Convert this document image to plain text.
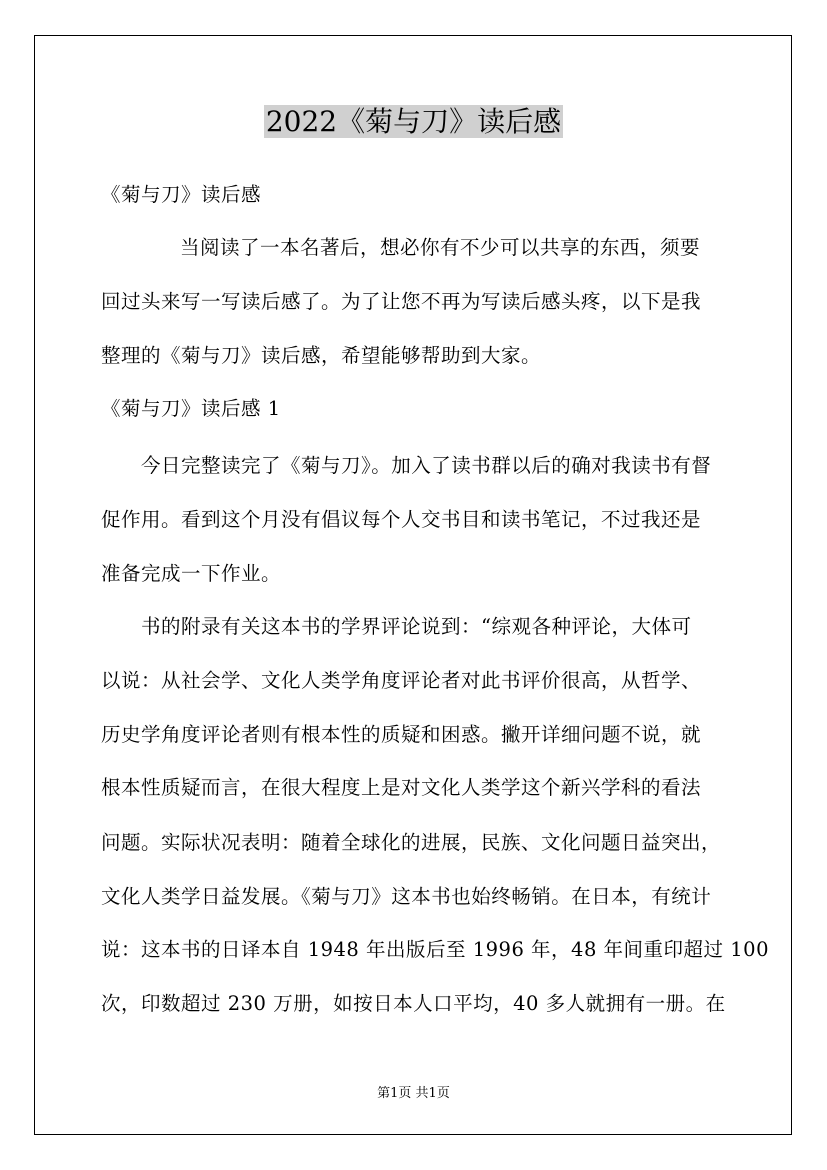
2022《菊与刀》读后感

《菊与刀》读后感

当阅读了一本名著后，想必你有不少可以共享的东西，须要

回过头来写一写读后感了。为了让您不再为写读后感头疼，以下是我

整理的《菊与刀》读后感，希望能够帮助到大家。

《菊与刀》读后感 1

今日完整读完了《菊与刀》。加入了读书群以后的确对我读书有督

促作用。看到这个月没有倡议每个人交书目和读书笔记，不过我还是

准备完成一下作业。

书的附录有关这本书的学界评论说到：“综观各种评论，大体可

以说：从社会学、文化人类学角度评论者对此书评价很高，从哲学、

历史学角度评论者则有根本性的质疑和困惑。撇开详细问题不说，就

根本性质疑而言，在很大程度上是对文化人类学这个新兴学科的看法

问题。实际状况表明：随着全球化的进展，民族、文化问题日益突出，

文化人类学日益发展。《菊与刀》这本书也始终畅销。在日本，有统计

说：这本书的日译本自 1948 年出版后至 1996 年，48 年间重印超过 100

次，印数超过 230 万册，如按日本人口平均，40 多人就拥有一册。在

第1页 共1页
